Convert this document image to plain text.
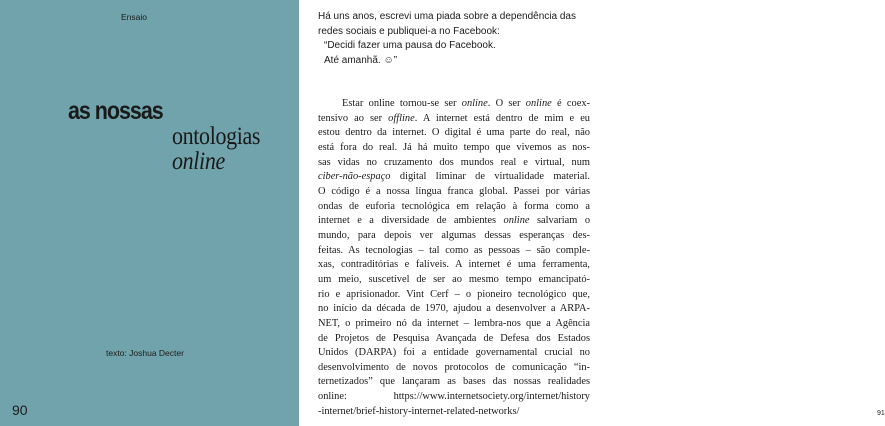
Ensaio
as nossas
ontologias
online
texto: Joshua Decter
90	91
Há uns anos, escrevi uma piada sobre a dependência das
redes sociais e publiquei-a no Facebook:
“Decidi fazer uma pausa do Facebook.
Até amanhã. ☺”
Estar online tornou-se ser online. O ser online é coex-
tensivo ao ser offline. A internet está dentro de mim e eu
estou dentro da internet. O digital é uma parte do real, não
está fora do real. Já há muito tempo que vivemos as nos-
sas vidas no cruzamento dos mundos real e virtual, num
ciber-não-espaço digital liminar de virtualidade material.
O código é a nossa língua franca global. Passei por várias
ondas de euforia tecnológica em relação à forma como a
internet e a diversidade de ambientes online salvariam o
mundo, para depois ver algumas dessas esperanças des-
feitas. As tecnologias – tal como as pessoas – são comple-
xas, contraditórias e falíveis. A internet é uma ferramenta,
um meio, suscetível de ser ao mesmo tempo emancipató-
rio e aprisionador. Vint Cerf – o pioneiro tecnológico que,
no início da década de 1970, ajudou a desenvolver a ARPA-
NET, o primeiro nó da internet – lembra-nos que a Agência
de Projetos de Pesquisa Avançada de Defesa dos Estados
Unidos (DARPA) foi a entidade governamental crucial no
desenvolvimento de novos protocolos de comunicação “in-
ternetizados” que lançaram as bases das nossas realidades
online: https://www.internetsociety.org/internet/history
-internet/brief-history-internet-related-networks/
